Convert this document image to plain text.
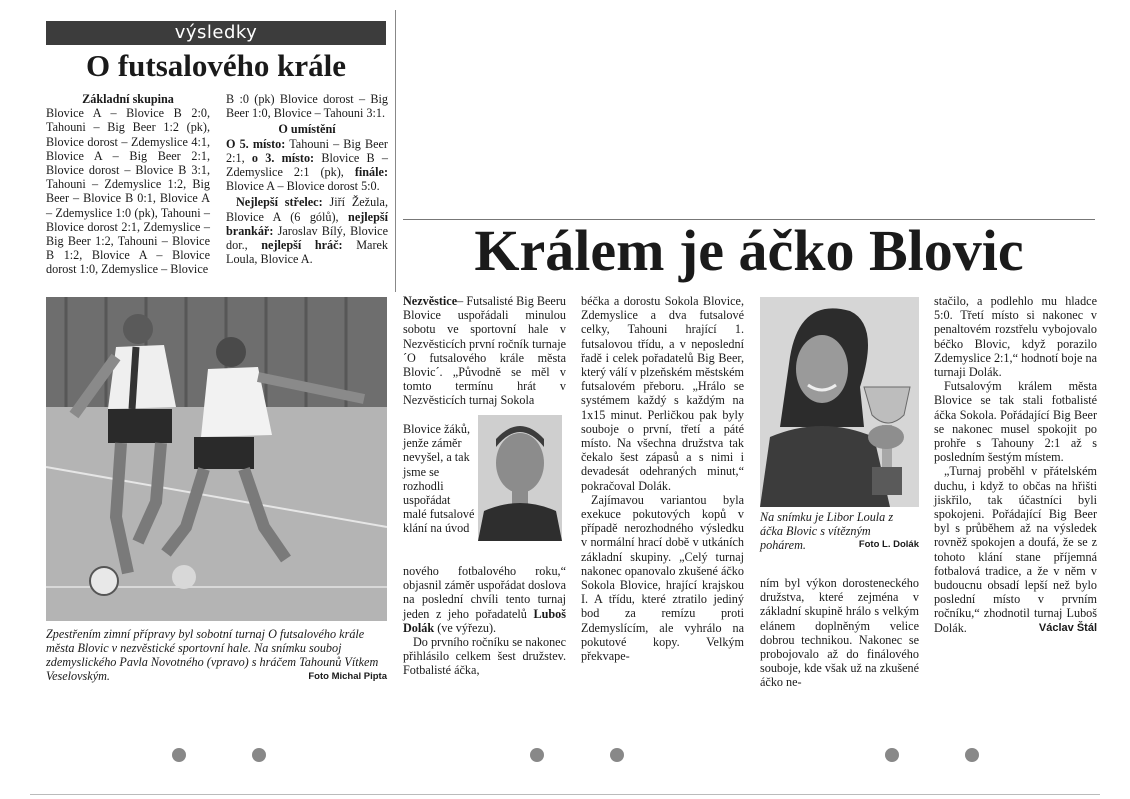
výsledky
O futsalového krále
Základní skupina

Blovice A – Blovice B 2:0, Tahouni – Big Beer 1:2 (pk), Blovice dorost – Zdemyslice 4:1, Blovice A – Big Beer 2:1, Blovice dorost – Blovice B 3:1, Tahouni – Zdemyslice 1:2, Big Beer – Blovice B 0:1, Blovice A – Zdemyslice 1:0 (pk), Tahouni – Blovice dorost 2:1, Zdemyslice – Big Beer 1:2, Tahouni – Blovice B 1:2, Blovice A – Blovice dorost 1:0, Zdemyslice – Blovice

B :0 (pk) Blovice dorost – Big Beer 1:0, Blovice – Tahouni 3:1.

O umístění

O 5. místo: Tahouni – Big Beer 2:1, o 3. místo: Blovice B – Zdemyslice 2:1 (pk), finále: Blovice A – Blovice dorost 5:0.

Nejlepší střelec: Jiří Žežula, Blovice A (6 gólů), nejlepší brankář: Jaroslav Bílý, Blovice dor., nejlepší hráč: Marek Loula, Blovice A.

Zpestřením zimní přípravy byl sobotní turnaj O futsalového krále města Blovic v nezvěstické sportovní hale. Na snímku souboj zdemyslického Pavla Novotného (vpravo) s hráčem Tahounů Vítkem Veselovským.	Foto Michal Pipta
Králem je áčko Blovic

Nezvěstice– Futsalisté Big Beeru Blovice uspořádali minulou sobotu ve sportovní hale v Nezvěsticích první ročník turnaje ´O futsalového krále města Blovic´. „Původně se měl v tomto termínu hrát v Nezvěsticích turnaj Sokola

Blovice žáků, jenže záměr nevyšel, a tak jsme se rozhodli uspořádat malé futsalové klání na úvod

nového fotbalového roku,“ objasnil záměr uspořádat doslova na poslední chvíli tento turnaj jeden z jeho pořadatelů Luboš Dolák (ve výřezu).

Do prvního ročníku se nakonec přihlásilo celkem šest družstev. Fotbalisté áčka,

béčka a dorostu Sokola Blovice, Zdemyslice a dva futsalové celky, Tahouni hrající 1. futsalovou třídu, a v neposlední řadě i celek pořadatelů Big Beer, který válí v plzeňském městském futsalovém přeboru. „Hrálo se systémem každý s každým na 1x15 minut. Perličkou pak byly souboje o první, třetí a páté místo. Na všechna družstva tak čekalo šest zápasů a s nimi i devadesát odehraných minut,“ pokračoval Dolák.

Zajímavou variantou byla exekuce pokutových kopů v případě nerozhodného výsledku v normální hrací době v utkáních základní skupiny. „Celý turnaj nakonec opanovalo zkušené áčko Sokola Blovice, hrající krajskou I. A třídu, které ztratilo jediný bod za remízu proti Zdemyslícím, ale vyhrálo na pokutové kopy. Velkým překvape-

Na snímku je Libor Loula z áčka Blovic s vítězným pohárem.	Foto L. Dolák

ním byl výkon dorosteneckého družstva, které zejména v základní skupině hrálo s velkým elánem doplněným velice dobrou technikou. Nakonec se probojovalo až do finálového souboje, kde však už na zkušené áčko ne-

stačilo, a podlehlo mu hladce 5:0. Třetí místo si nakonec v penaltovém rozstřelu vybojovalo béčko Blovic, když porazilo Zdemyslice 2:1,“ hodnotí boje na turnaji Dolák.

Futsalovým králem města Blovice se tak stali fotbalisté áčka Sokola. Pořádající Big Beer se nakonec musel spokojit po prohře s Tahouny 2:1 až s posledním šestým místem.

„Turnaj proběhl v přátelském duchu, i když to občas na hřišti jiskřilo, tak účastníci byli spokojeni. Pořádající Big Beer byl s průběhem až na výsledek rovněž spokojen a doufá, že se z tohoto klání stane příjemná fotbalová tradice, a že v něm v budoucnu obsadí lepší než bylo poslední místo v prvním ročníku,“ zhodnotil turnaj Luboš Dolák.	Václav Štál
